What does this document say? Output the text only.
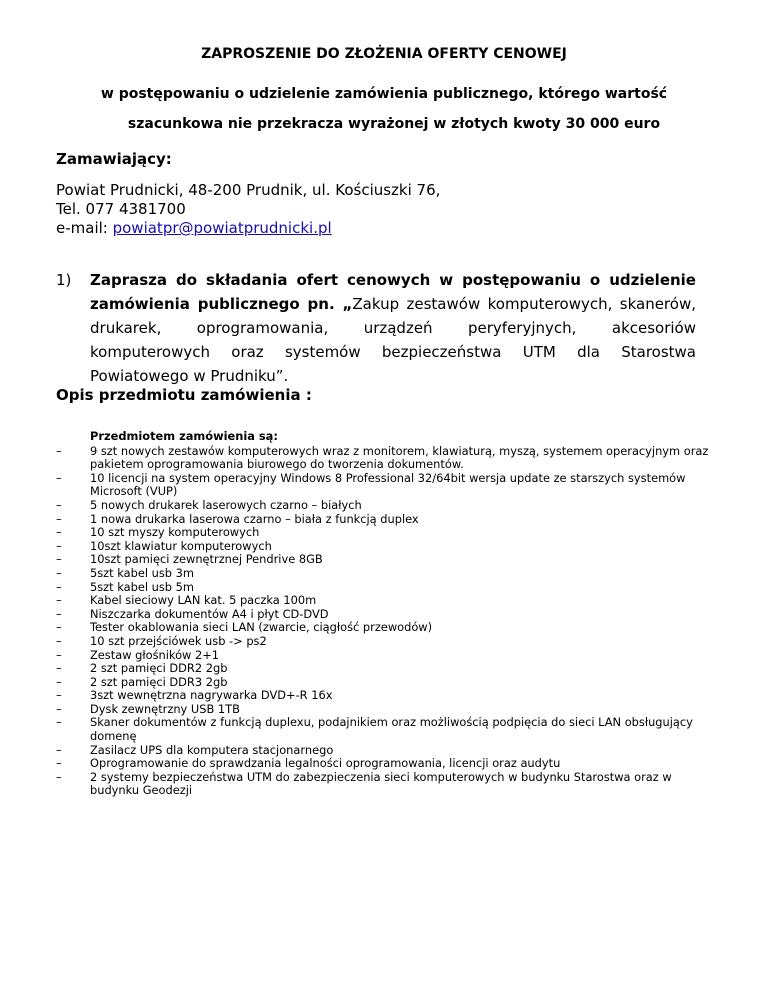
ZAPROSZENIE DO ZŁOŻENIA OFERTY CENOWEJ
w postępowaniu o udzielenie zamówienia publicznego, którego wartość
szacunkowa nie przekracza wyrażonej w złotych kwoty 30 000 euro
Zamawiający:
Powiat Prudnicki, 48-200 Prudnik, ul. Kościuszki 76,
Tel. 077 4381700
e-mail: powiatpr@powiatprudnicki.pl
1) Zaprasza do składania ofert cenowych w postępowaniu o udzielenie zamówienia publicznego pn. „Zakup zestawów komputerowych, skanerów, drukarek, oprogramowania, urządzeń peryferyjnych, akcesoriów komputerowych oraz systemów bezpieczeństwa UTM dla Starostwa Powiatowego w Prudniku”.
Opis przedmiotu zamówienia :
Przedmiotem zamówienia są:
– 9 szt nowych zestawów komputerowych wraz z monitorem, klawiaturą, myszą, systemem operacyjnym oraz pakietem oprogramowania biurowego do tworzenia dokumentów.
– 10 licencji na system operacyjny Windows 8 Professional 32/64bit wersja update ze starszych systemów Microsoft (VUP)
– 5 nowych drukarek laserowych czarno – białych
– 1 nowa drukarka laserowa czarno – biała z funkcją duplex
– 10 szt myszy komputerowych
– 10szt klawiatur komputerowych
– 10szt pamięci zewnętrznej Pendrive 8GB
– 5szt kabel usb 3m
– 5szt kabel usb 5m
– Kabel sieciowy LAN kat. 5 paczka 100m
– Niszczarka dokumentów A4 i płyt CD-DVD
– Tester okablowania sieci LAN (zwarcie, ciągłość przewodów)
– 10 szt przejściówek usb -> ps2
– Zestaw głośników 2+1
– 2 szt pamięci DDR2 2gb
– 2 szt pamięci DDR3 2gb
– 3szt wewnętrzna nagrywarka DVD+-R 16x
– Dysk zewnętrzny USB 1TB
– Skaner dokumentów z funkcją duplexu, podajnikiem oraz możliwością podpięcia do sieci LAN obsługujący domenę
– Zasilacz UPS dla komputera stacjonarnego
– Oprogramowanie do sprawdzania legalności oprogramowania, licencji oraz audytu
– 2 systemy bezpieczeństwa UTM do zabezpieczenia sieci komputerowych w budynku Starostwa oraz w budynku Geodezji
